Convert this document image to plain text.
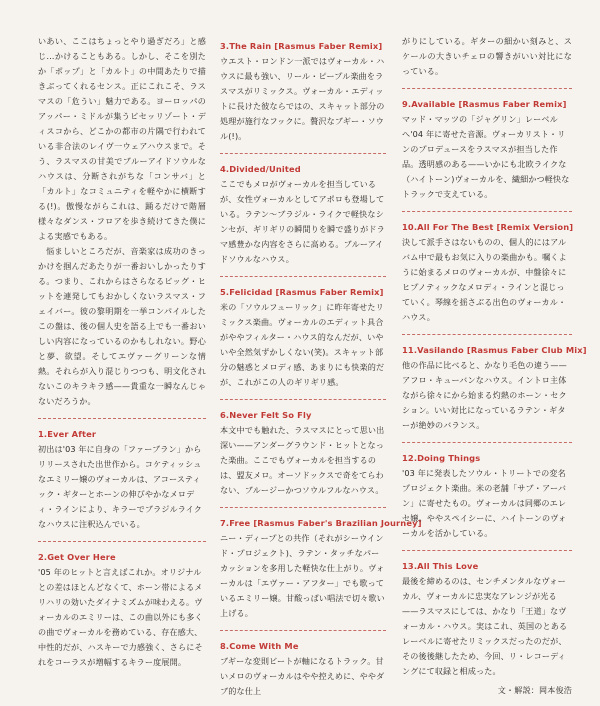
いあい、ここはちょっとやり過ぎだろ」と感じ…かけることもある。しかし、そこを別たか「ポップ」と「カルト」の中間あたりで描きぶってくれるセンス。正にこれこそ、ラスマスの「危うい」魅力である。ヨーロッパのアッパー・ミドルが集うビセッリゾート・ディスコから、どこかの都市の片隅で行われている非合法のレイヴ一ウェアハウスまで。そう、ラスマスの甘美でブルーアイドソウルなハウスは、分断されがちな「コンサバ」と「カルト」なコミュニティを軽やかに横断する(!)。傲慢ながらこれは、踊るだけで階層様々なダンス・フロアを歩き続けてきた僕による実感でもある。

悩ましいところだが、音楽家は成功のきっかけを掴んだあたりが一番おいしかったりする。つまり、これからはさらなるビッグ・ヒットを連発してもおかしくないラスマス・フェイバー。彼の黎明期を一挙コンパイルしたこの盤は、後の個人史を語る上でも一番おいしい内容になっているのかもしれない。野心と夢、欲望。そしてエヴァーグリーンな情熱。それらが入り混じりつつも、明文化されないこのキラキラ感——貴重な一瞬なんじゃないだろうか。

1.Ever After

初出は'03 年に自身の「ファーブラン」からリリースされた出世作から。コケティッシュなエミリー嬢のヴォーカルは、アコースティック・ギターとホーンの伸びやかなメロディ・ラインにより、キラーでブラジルライクなハウスに注釈込んでいる。

2.Get Over Here

'05 年のヒットと言えばこれか。オリジナルとの差はほとんどなくて、ホーン帯によるメリハリの効いたダイナミズムが味わえる。ヴォーカルのエミリーは、この曲以外にも多くの曲でヴォーカルを務めている、存在感大、中性的だが、ハスキーで力感強く、さらにそれをコーラスが増幅するキラー度展開。

3.The Rain [Rasmus Faber Remix]

ウエスト・ロンドン一派ではヴォーカル・ハウスに最も強い、リール・ピープル楽曲をラスマスがリミックス。ヴォーカル・エディットに長けた彼ならではの、スキャット部分の処理が施行なフックに。贅沢なブギー・ソウル(!)。

4.Divided/United

ここでもメロがヴォーカルを担当しているが、女性ヴォーカルとしてアポロも登場している。ラテン〜ブラジル・ライクで軽快なシンセが、ギリギリの瞬間りを瞬で盛りがドラマ感豊かな内容をさらに高める。ブルーアイドソウルなハウス。

5.Felicidad [Rasmus Faber Remix]

米の「ソウルフューリック」に昨年寄せたリミックス楽曲。ヴォーカルのエディット具合がややフィルター・ハウス的なんだが、いやいや全然気ずかしくない(笑)。スキャット部分の魅惑とメロディ感、あまりにも快楽的だが、これがこの人のギリギリ感。

6.Never Felt So Fly

本文中でも触れた、ラスマスにとって思い出深い——アンダーグラウンド・ヒットとなった楽曲。ここでもヴォーカルを担当するのは、盟友メロ。オーソドックスで奇をてらわない、ブルージーかつソウルフルなハウス。

7.Free [Rasmus Faber's Brazilian Journey]

ニー・ディープとの共作（それがシーウインド・プロジェクト)、ラテン・タッチなパーカッションを多用した軽快な仕上がり。ヴォーカルは「エヴァー・アフター」でも歌っているエミリー嬢。甘酸っぱい唱法で切々歌い上げる。

8.Come With Me

ブギーな変則ビートが軸になるトラック。甘いメロのヴォーカルはやや控えめに、ややダブ的な仕上

がりにしている。ギターの細かい刻みと、スケールの大きいチェロの響きがいい対比になっている。

9.Available [Rasmus Faber Remix]

マッド・マッツの「ジャグリン」レーベルへ'04 年に寄せた音源。ヴォーカリスト・リンのプロデュースをラスマスが担当した作品。透明感のある——いかにも北欧ライクな（ハイトーン)ヴォーカルを、繊細かつ軽快なトラックで支えている。

10.All For The Best [Remix Version]

決して派手さはないものの、個人的にはアルバム中で最もお気に入りの楽曲かも。嘱くように始まるメロのヴォーカルが、中盤徐々にヒプノティックなメロディ・ラインと混じっていく。琴線を揺さぶる出色のヴォーカル・ハウス。

11.Vasilando [Rasmus Faber Club Mix]

他の作品に比べると、かなり毛色の違う——アフロ・キューバンなハウス。イントロ主体ながら徐々にから始まる灼熱のホーン・セクション。いい対比になっているラテン・ギターが絶妙のバランス。

12.Doing Things

'03 年に発表したソウル・トリートでの変名プロジェクト楽曲。米の老舗「サブ・アーバン」に寄せたもの。ヴォーカルは同郷のエレセ嬢。ややスペイシーに、ハイトーンのヴォーカルを活かしている。

13.All This Love

最後を締めるのは、センチメンタルなヴォーカル、ヴォーカルに忠実なアレンジが光る——ラスマスにしては、かなり「王道」なヴォーカル・ハウス。実はこれ、英国のとあるレーベルに寄せたリミックスだったのだが、その後後継したため、今回、リ・レコーディングにて収録と相成った。

文・解説：岡本俊浩
